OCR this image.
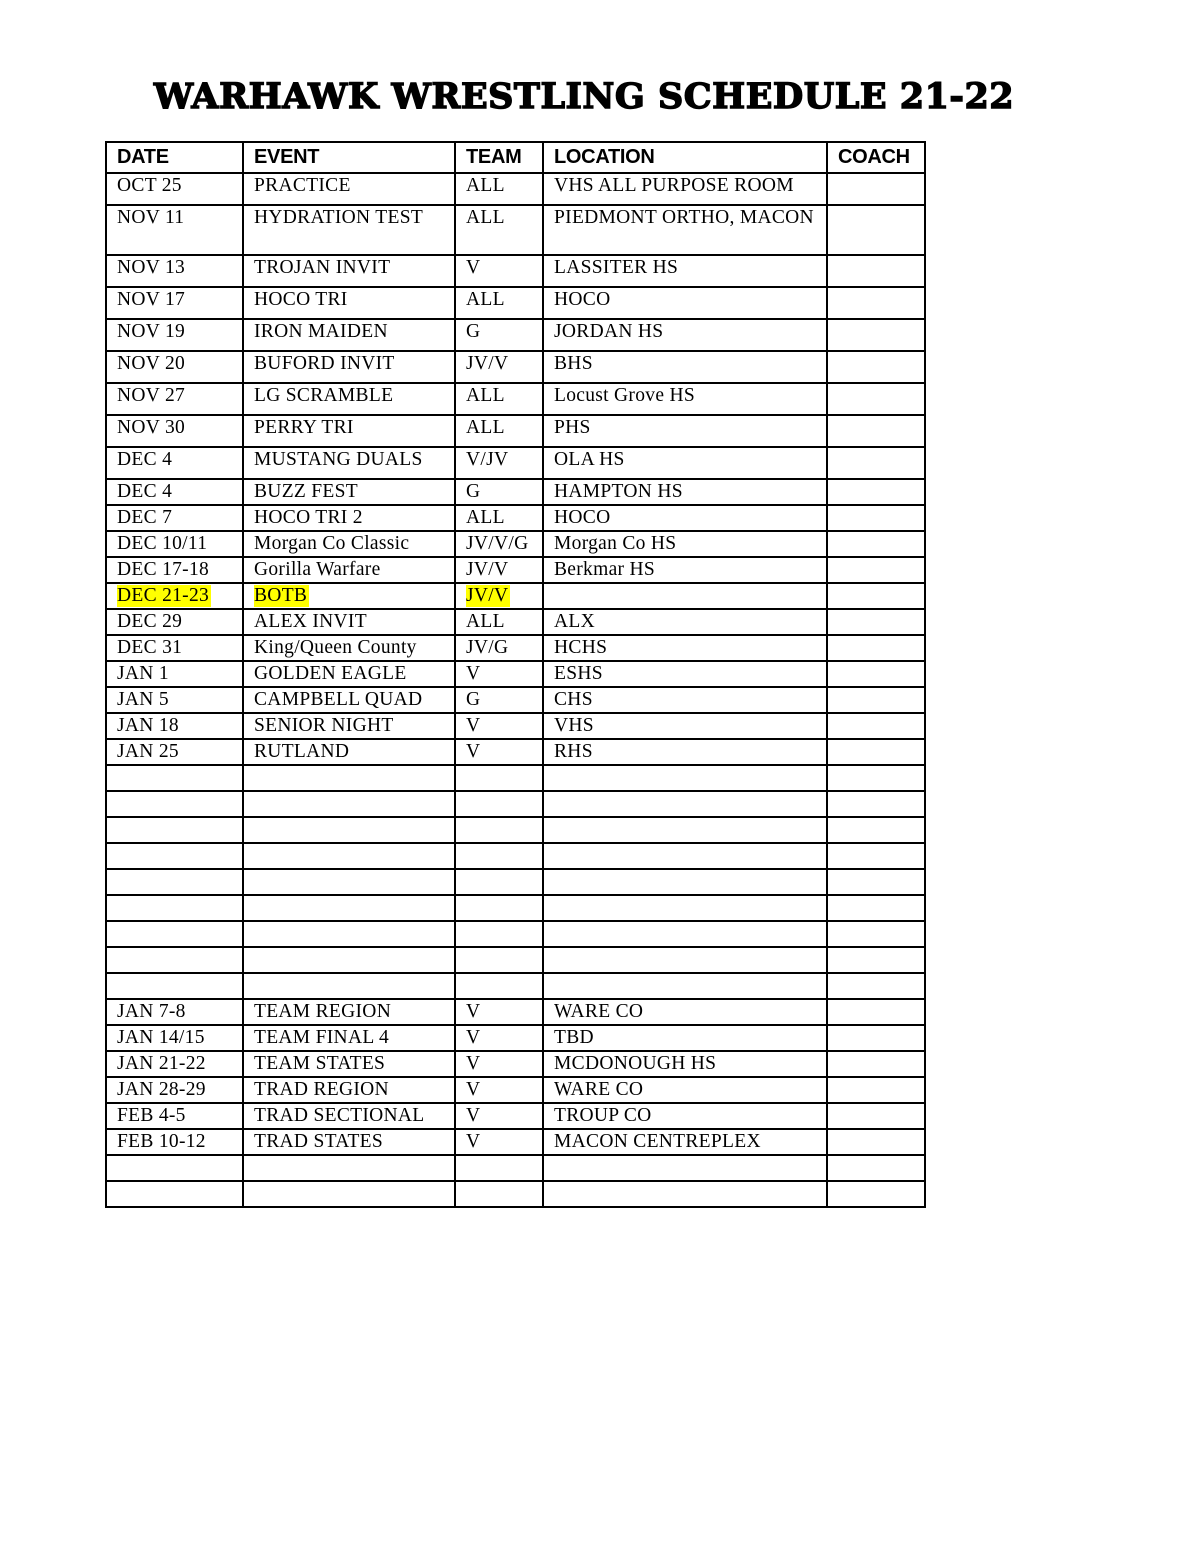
WARHAWK WRESTLING SCHEDULE 21-22
DATE	EVENT	TEAM	LOCATION	COACH
OCT 25	PRACTICE	ALL	VHS ALL PURPOSE ROOM	
NOV 11	HYDRATION TEST	ALL	PIEDMONT ORTHO, MACON	
NOV 13	TROJAN INVIT	V	LASSITER HS	
NOV 17	HOCO TRI	ALL	HOCO	
NOV 19	IRON MAIDEN	G	JORDAN HS	
NOV 20	BUFORD INVIT	JV/V	BHS	
NOV 27	LG SCRAMBLE	ALL	Locust Grove HS	
NOV 30	PERRY TRI	ALL	PHS	
DEC 4	MUSTANG DUALS	V/JV	OLA HS	
DEC 4	BUZZ FEST	G	HAMPTON HS	
DEC 7	HOCO TRI 2	ALL	HOCO	
DEC 10/11	Morgan Co Classic	JV/V/G	Morgan Co HS	
DEC 17-18	Gorilla Warfare	JV/V	Berkmar HS	
DEC 21-23	BOTB	JV/V		
DEC 29	ALEX INVIT	ALL	ALX	
DEC 31	King/Queen County	JV/G	HCHS	
JAN 1	GOLDEN EAGLE	V	ESHS	
JAN 5	CAMPBELL QUAD	G	CHS	
JAN 18	SENIOR NIGHT	V	VHS	
JAN 25	RUTLAND	V	RHS	

JAN 7-8	TEAM REGION	V	WARE CO	
JAN 14/15	TEAM FINAL 4	V	TBD	
JAN 21-22	TEAM STATES	V	MCDONOUGH HS	
JAN 28-29	TRAD REGION	V	WARE CO	
FEB 4-5	TRAD SECTIONAL	V	TROUP CO	
FEB 10-12	TRAD STATES	V	MACON CENTREPLEX	
